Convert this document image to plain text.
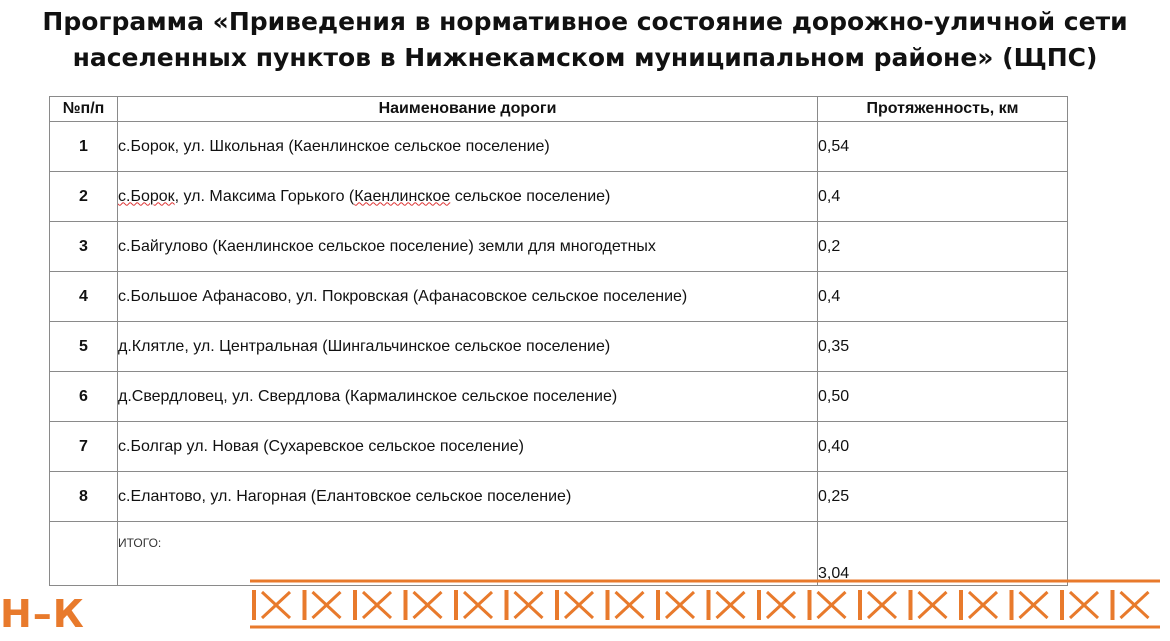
Программа «Приведения в нормативное состояние дорожно-уличной сети
населенных пунктов в Нижнекамском муниципальном районе» (ЩПС)
№п/п	Наименование дороги	Протяженность, км
1	с.Борок, ул. Школьная (Каенлинское сельское поселение)	0,54
2	с.Борок, ул. Максима Горького (Каенлинское сельское поселение)	0,4
3	с.Байгулово (Каенлинское сельское поселение) земли для многодетных	0,2
4	с.Большое Афанасово, ул. Покровская (Афанасовское сельское поселение)	0,4
5	д.Клятле, ул. Центральная (Шингальчинское сельское поселение)	0,35
6	д.Свердловец, ул. Свердлова (Кармалинское сельское поселение)	0,50
7	с.Болгар ул. Новая (Сухаревское сельское поселение)	0,40
8	с.Елантово, ул. Нагорная (Елантовское сельское поселение)	0,25
	ИТОГО:	3,04
Н–К
